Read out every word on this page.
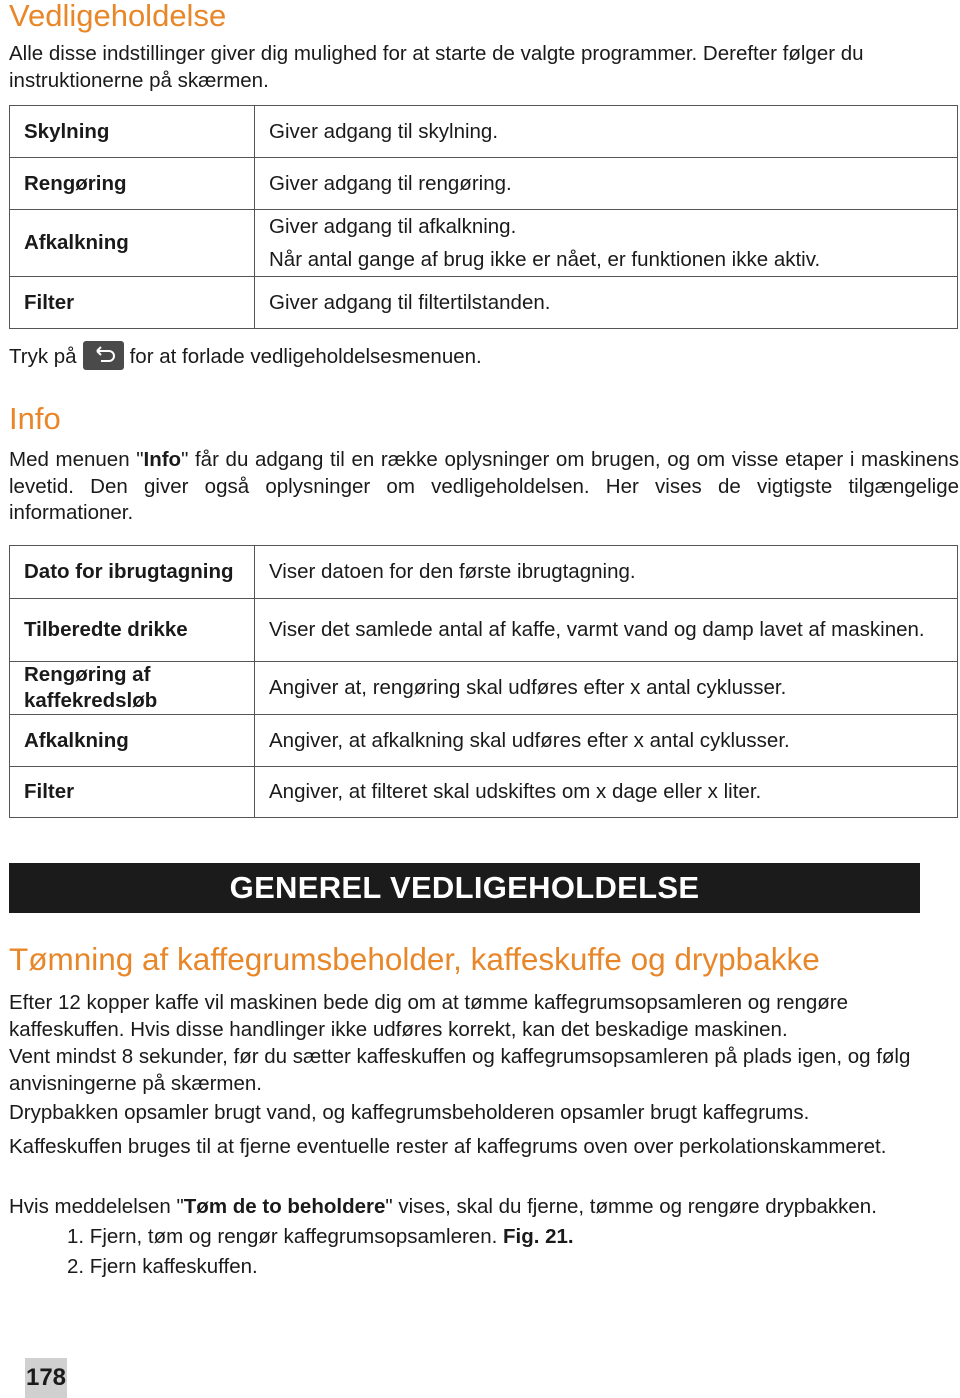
Vedligeholdelse
Alle disse indstillinger giver dig mulighed for at starte de valgte programmer. Derefter følger du instruktionerne på skærmen.
Skylning	Giver adgang til skylning.
Rengøring	Giver adgang til rengøring.
Afkalkning	Giver adgang til afkalkning.
Når antal gange af brug ikke er nået, er funktionen ikke aktiv.

Filter	Giver adgang til filtertilstanden.
Tryk på	for at forlade vedligeholdelsesmenuen.
Info
Med menuen "Info" får du adgang til en række oplysninger om brugen, og om visse etaper i maskinens levetid. Den giver også oplysninger om vedligeholdelsen. Her vises de vigtigste tilgængelige informationer.
Dato for ibrugtagning	Viser datoen for den første ibrugtagning.
Tilberedte drikke	Viser det samlede antal af kaffe, varmt vand og damp lavet af maskinen.
Rengøring af kaffekredsløb	Angiver at, rengøring skal udføres efter x antal cyklusser.
Afkalkning	Angiver, at afkalkning skal udføres efter x antal cyklusser.
Filter	Angiver, at filteret skal udskiftes om x dage eller x liter.
GENEREL VEDLIGEHOLDELSE
Tømning af kaffegrumsbeholder, kaffeskuffe og drypbakke
Efter 12 kopper kaffe vil maskinen bede dig om at tømme kaffegrumsopsamleren og rengøre kaffeskuffen. Hvis disse handlinger ikke udføres korrekt, kan det beskadige maskinen.
Vent mindst 8 sekunder, før du sætter kaffeskuffen og kaffegrumsopsamleren på plads igen, og følg anvisningerne på skærmen.
Drypbakken opsamler brugt vand, og kaffegrumsbeholderen opsamler brugt kaffegrums.
Kaffeskuffen bruges til at fjerne eventuelle rester af kaffegrums oven over perkolationskammeret.
Hvis meddelelsen "Tøm de to beholdere" vises, skal du fjerne, tømme og rengøre drypbakken.
1. Fjern, tøm og rengør kaffegrumsopsamleren. Fig. 21.
2. Fjern kaffeskuffen.
178
